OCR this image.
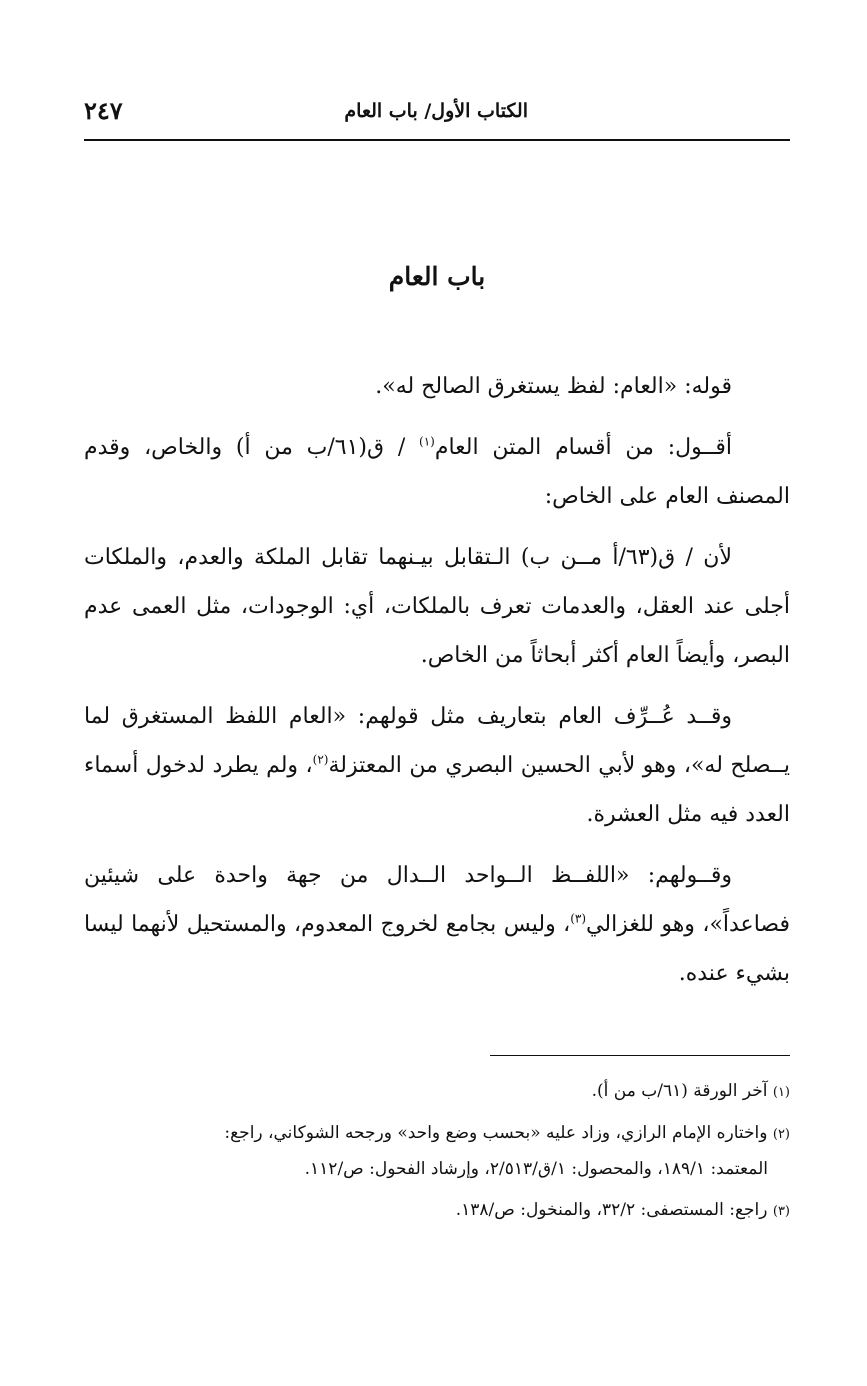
الكتاب الأول/ باب العام
٢٤٧
باب العام

قوله: «العام: لفظ يستغرق الصالح له».

أقــول: من أقسام المتن العام$^{(١)}$ / ق(٦١/ب من أ) والخاص، وقدم المصنف العام على الخاص:

لأن / ق(٦٣/أ مــن ب) الـتقابل بيـنهما تقابل الملكة والعدم، والملكات أجلى عند العقل، والعدمات تعرف بالملكات، أي: الوجودات، مثل العمى عدم البصر، وأيضاً العام أكثر أبحاثاً من الخاص.

وقــد عُــرِّف العام بتعاريف مثل قولهم: «العام اللفظ المستغرق لما يــصلح له»، وهو لأبي الحسين البصري من المعتزلة$^{(٢)}$، ولم يطرد لدخول أسماء العدد فيه مثل العشرة.

وقــولهم: «اللفــظ الــواحد الــدال من جهة واحدة على شيئين فصاعداً»، وهو للغزالي$^{(٣)}$، وليس بجامع لخروج المعدوم، والمستحيل لأنهما ليسا بشيء عنده.

(١) آخر الورقة (٦١/ب من أ).

(٢) واختاره الإمام الرازي، وزاد عليه «بحسب وضع واحد» ورجحه الشوكاني، راجع:

المعتمد: ١٨٩/١، والمحصول: ١/ق/٢/٥١٣، وإرشاد الفحول: ص/١١٢.

(٣) راجع: المستصفى: ٣٢/٢، والمنخول: ص/١٣٨.
